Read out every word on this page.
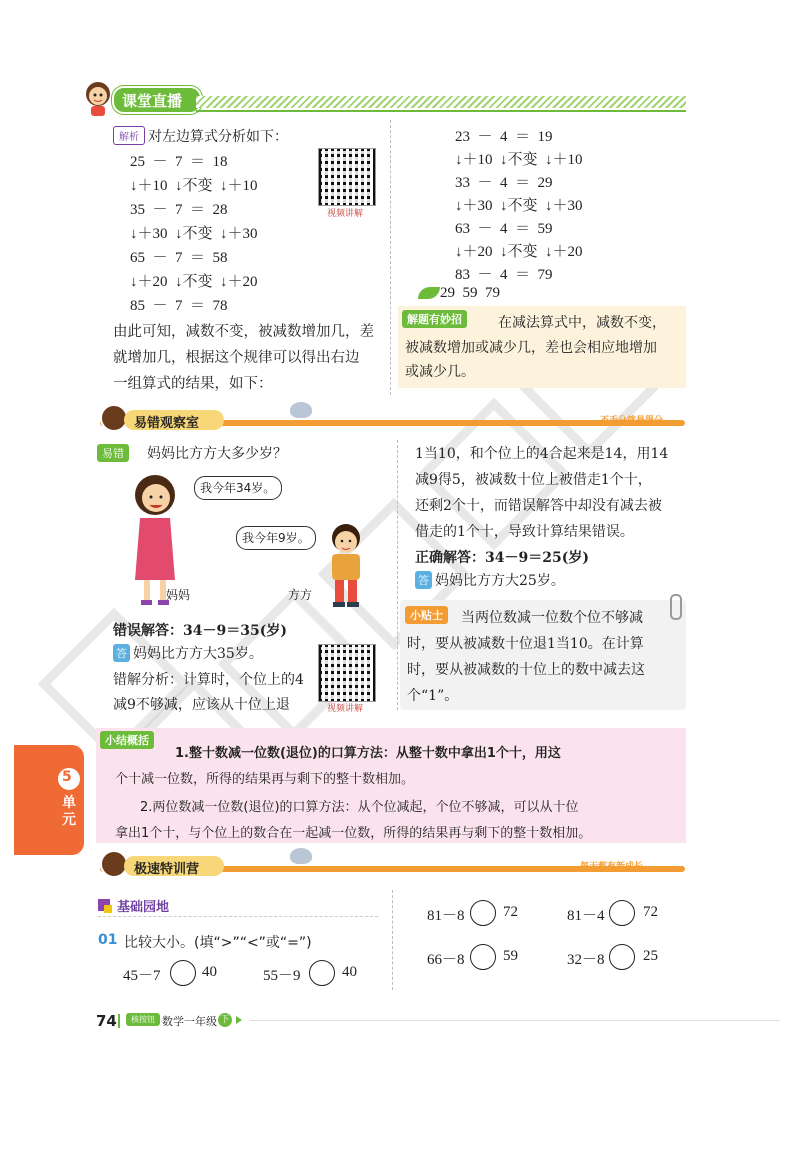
课堂直播
解析 对左边算式分析如下：
25  －  7  ＝  18
↓＋10  ↓不变  ↓＋10
35  －  7  ＝  28
↓＋30  ↓不变  ↓＋30
65  －  7  ＝  58
↓＋20  ↓不变  ↓＋20
85  －  7  ＝  78
视频讲解
由此可知，减数不变，被减数增加几，差
就增加几，根据这个规律可以得出右边
一组算式的结果，如下：
23  －  4  ＝  19
↓＋10  ↓不变  ↓＋10
33  －  4  ＝  29
↓＋30  ↓不变  ↓＋30
63  －  4  ＝  59
↓＋20  ↓不变  ↓＋20
83  －  4  ＝  79
29  59  79
解题有妙招	在减法算式中，减数不变，
被减数增加或减少几，差也会相应地增加
或减少几。
易错观察室	不丢分就是得分
易错	妈妈比方方大多少岁？
我今年34岁。
妈妈
我今年9岁。
方方
错误解答：34－9＝35(岁)
答 妈妈比方方大35岁。
错解分析：计算时，个位上的4
减9不够减，应该从十位上退	视频讲解
1当10，和个位上的4合起来是14，用14
减9得5，被减数十位上被借走1个十，
还剩2个十，而错误解答中却没有减去被
借走的1个十，导致计算结果错误。
正确解答：34－9＝25(岁)
答 妈妈比方方大25岁。
小贴士	当两位数减一位数个位不够减
时，要从被减数十位退1当10。在计算
时，要从被减数的十位上的数中减去这
个“1”。
5
单元
小结概括
1.整十数减一位数(退位)的口算方法：从整十数中拿出1个十，用这
个十减一位数，所得的结果再与剩下的整十数相加。
2.两位数减一位数(退位)的口算方法：从个位减起，个位不够减，可以从十位
拿出1个十，与个位上的数合在一起减一位数，所得的结果再与剩下的整十数相加。
极速特训营	每天都有新成长
基础园地
01 比较大小。(填“>”“<”或“=”)
45－7	40	55－9	40
81－8	72	81－4	72
66－8	59	32－8	25
74	核按钮 数学一年级 下
